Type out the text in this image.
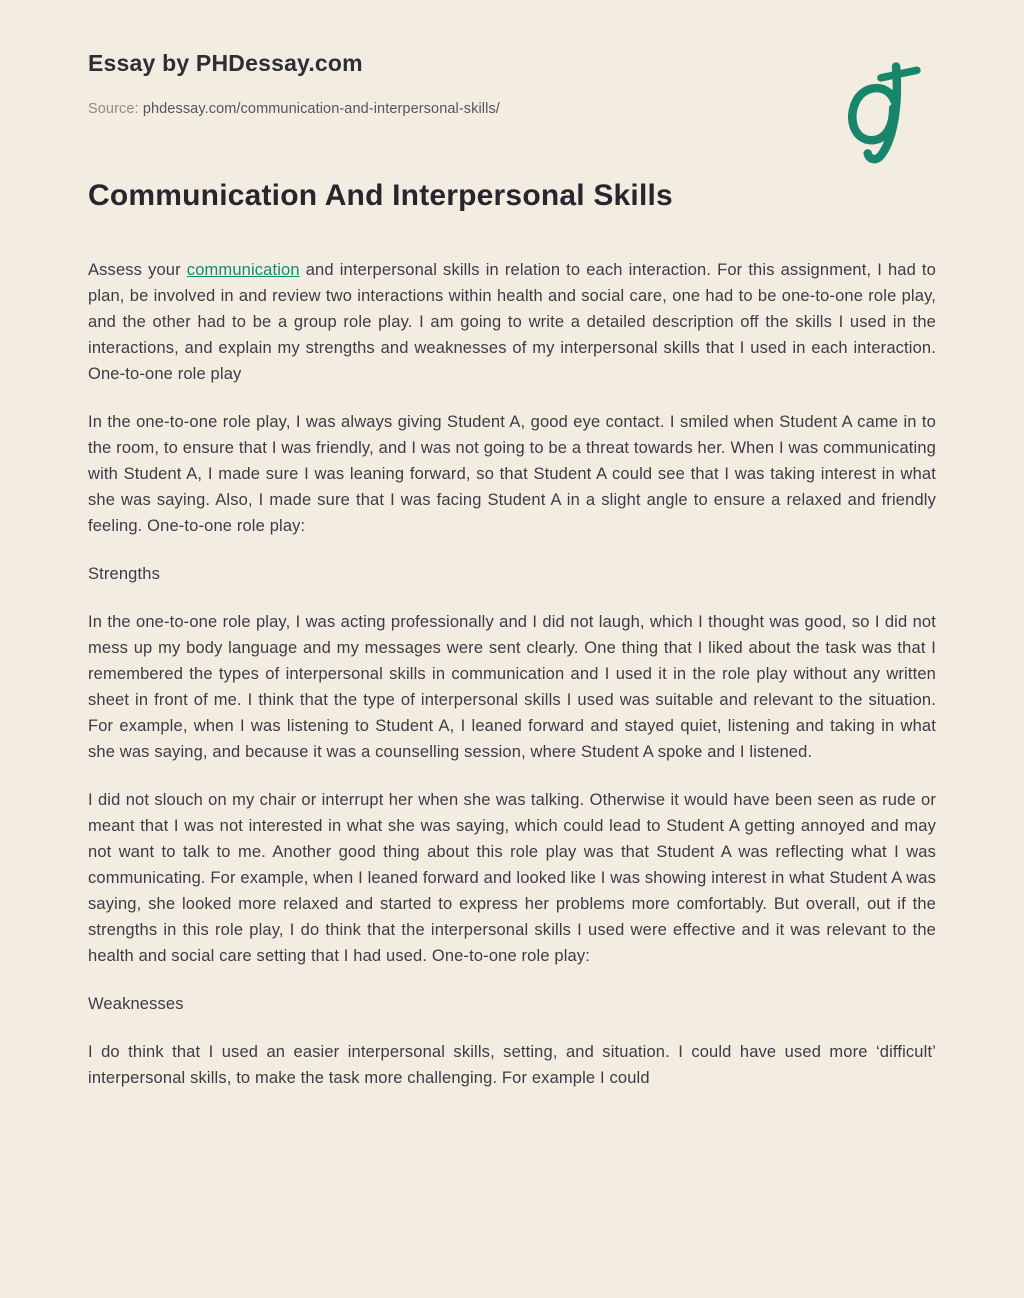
Essay by PHDessay.com
Source: phdessay.com/communication-and-interpersonal-skills/
Communication And Interpersonal Skills

Assess your communication and interpersonal skills in relation to each interaction. For this assignment, I had to plan, be involved in and review two interactions within health and social care, one had to be one-to-one role play, and the other had to be a group role play. I am going to write a detailed description off the skills I used in the interactions, and explain my strengths and weaknesses of my interpersonal skills that I used in each interaction. One-to-one role play

In the one-to-one role play, I was always giving Student A, good eye contact. I smiled when Student A came in to the room, to ensure that I was friendly, and I was not going to be a threat towards her. When I was communicating with Student A, I made sure I was leaning forward, so that Student A could see that I was taking interest in what she was saying. Also, I made sure that I was facing Student A in a slight angle to ensure a relaxed and friendly feeling. One-to-one role play:

Strengths

In the one-to-one role play, I was acting professionally and I did not laugh, which I thought was good, so I did not mess up my body language and my messages were sent clearly. One thing that I liked about the task was that I remembered the types of interpersonal skills in communication and I used it in the role play without any written sheet in front of me. I think that the type of interpersonal skills I used was suitable and relevant to the situation. For example, when I was listening to Student A, I leaned forward and stayed quiet, listening and taking in what she was saying, and because it was a counselling session, where Student A spoke and I listened.

I did not slouch on my chair or interrupt her when she was talking. Otherwise it would have been seen as rude or meant that I was not interested in what she was saying, which could lead to Student A getting annoyed and may not want to talk to me. Another good thing about this role play was that Student A was reflecting what I was communicating. For example, when I leaned forward and looked like I was showing interest in what Student A was saying, she looked more relaxed and started to express her problems more comfortably. But overall, out if the strengths in this role play, I do think that the interpersonal skills I used were effective and it was relevant to the health and social care setting that I had used. One-to-one role play:

Weaknesses

I do think that I used an easier interpersonal skills, setting, and situation. I could have used more ‘difficult’ interpersonal skills, to make the task more challenging. For example I could
